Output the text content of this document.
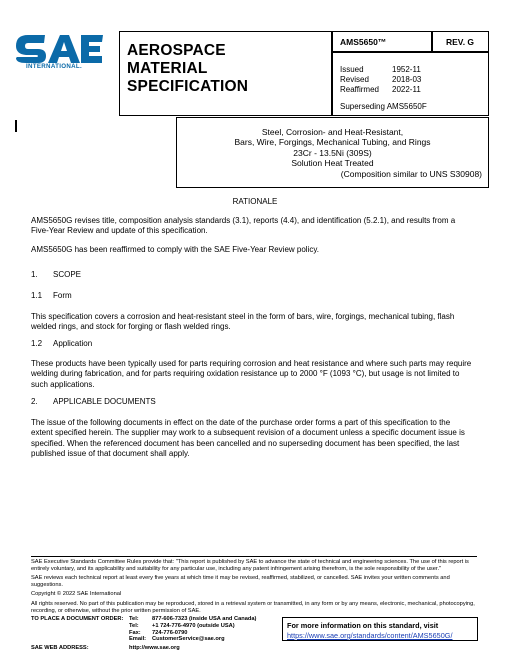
INTERNATIONAL.
AEROSPACE
MATERIAL SPECIFICATION
AMS5650™	REV. G
Issued	1952-11
Revised	2018-03
Reaffirmed 2022-11
Superseding AMS5650F
Steel, Corrosion- and Heat-Resistant,
Bars, Wire, Forgings, Mechanical Tubing, and Rings
23Cr - 13.5Ni (309S)
Solution Heat Treated
(Composition similar to UNS S30908)
RATIONALE
AMS5650G revises title, composition analysis standards (3.1), reports (4.4), and identification (5.2.1), and results from a
Five-Year Review and update of this specification.
AMS5650G has been reaffirmed to comply with the SAE Five-Year Review policy.
1. SCOPE
1.1 Form
This specification covers a corrosion and heat-resistant steel in the form of bars, wire, forgings, mechanical tubing, flash
welded rings, and stock for forging or flash welded rings.
1.2 Application
These products have been typically used for parts requiring corrosion and heat resistance and where such parts may require
welding during fabrication, and for parts requiring oxidation resistance up to 2000 °F (1093 °C), but usage is not limited to
such applications.
2. APPLICABLE DOCUMENTS
The issue of the following documents in effect on the date of the purchase order forms a part of this specification to the
extent specified herein. The supplier may work to a subsequent revision of a document unless a specific document issue is
specified. When the referenced document has been cancelled and no superseding document has been specified, the last
published issue of that document shall apply.
SAE Executive Standards Committee Rules provide that: "This report is published by SAE to advance the state of technical and engineering sciences. The use of this report is
entirely voluntary, and its applicability and suitability for any particular use, including any patent infringement arising therefrom, is the sole responsibility of the user."
SAE reviews each technical report at least every five years at which time it may be revised, reaffirmed, stabilized, or cancelled. SAE invites your written comments and
suggestions.
Copyright © 2022 SAE International
All rights reserved. No part of this publication may be reproduced, stored in a retrieval system or transmitted, in any form or by any means, electronic, mechanical, photocopying,
recording, or otherwise, without the prior written permission of SAE.
TO PLACE A DOCUMENT ORDER: Tel: 877-606-7323 (inside USA and Canada)
Tel: +1 724-776-4970 (outside USA)
Fax: 724-776-0790
Email: CustomerService@sae.org
SAE WEB ADDRESS:	http://www.sae.org
For more information on this standard, visit
https://www.sae.org/standards/content/AMS5650G/
